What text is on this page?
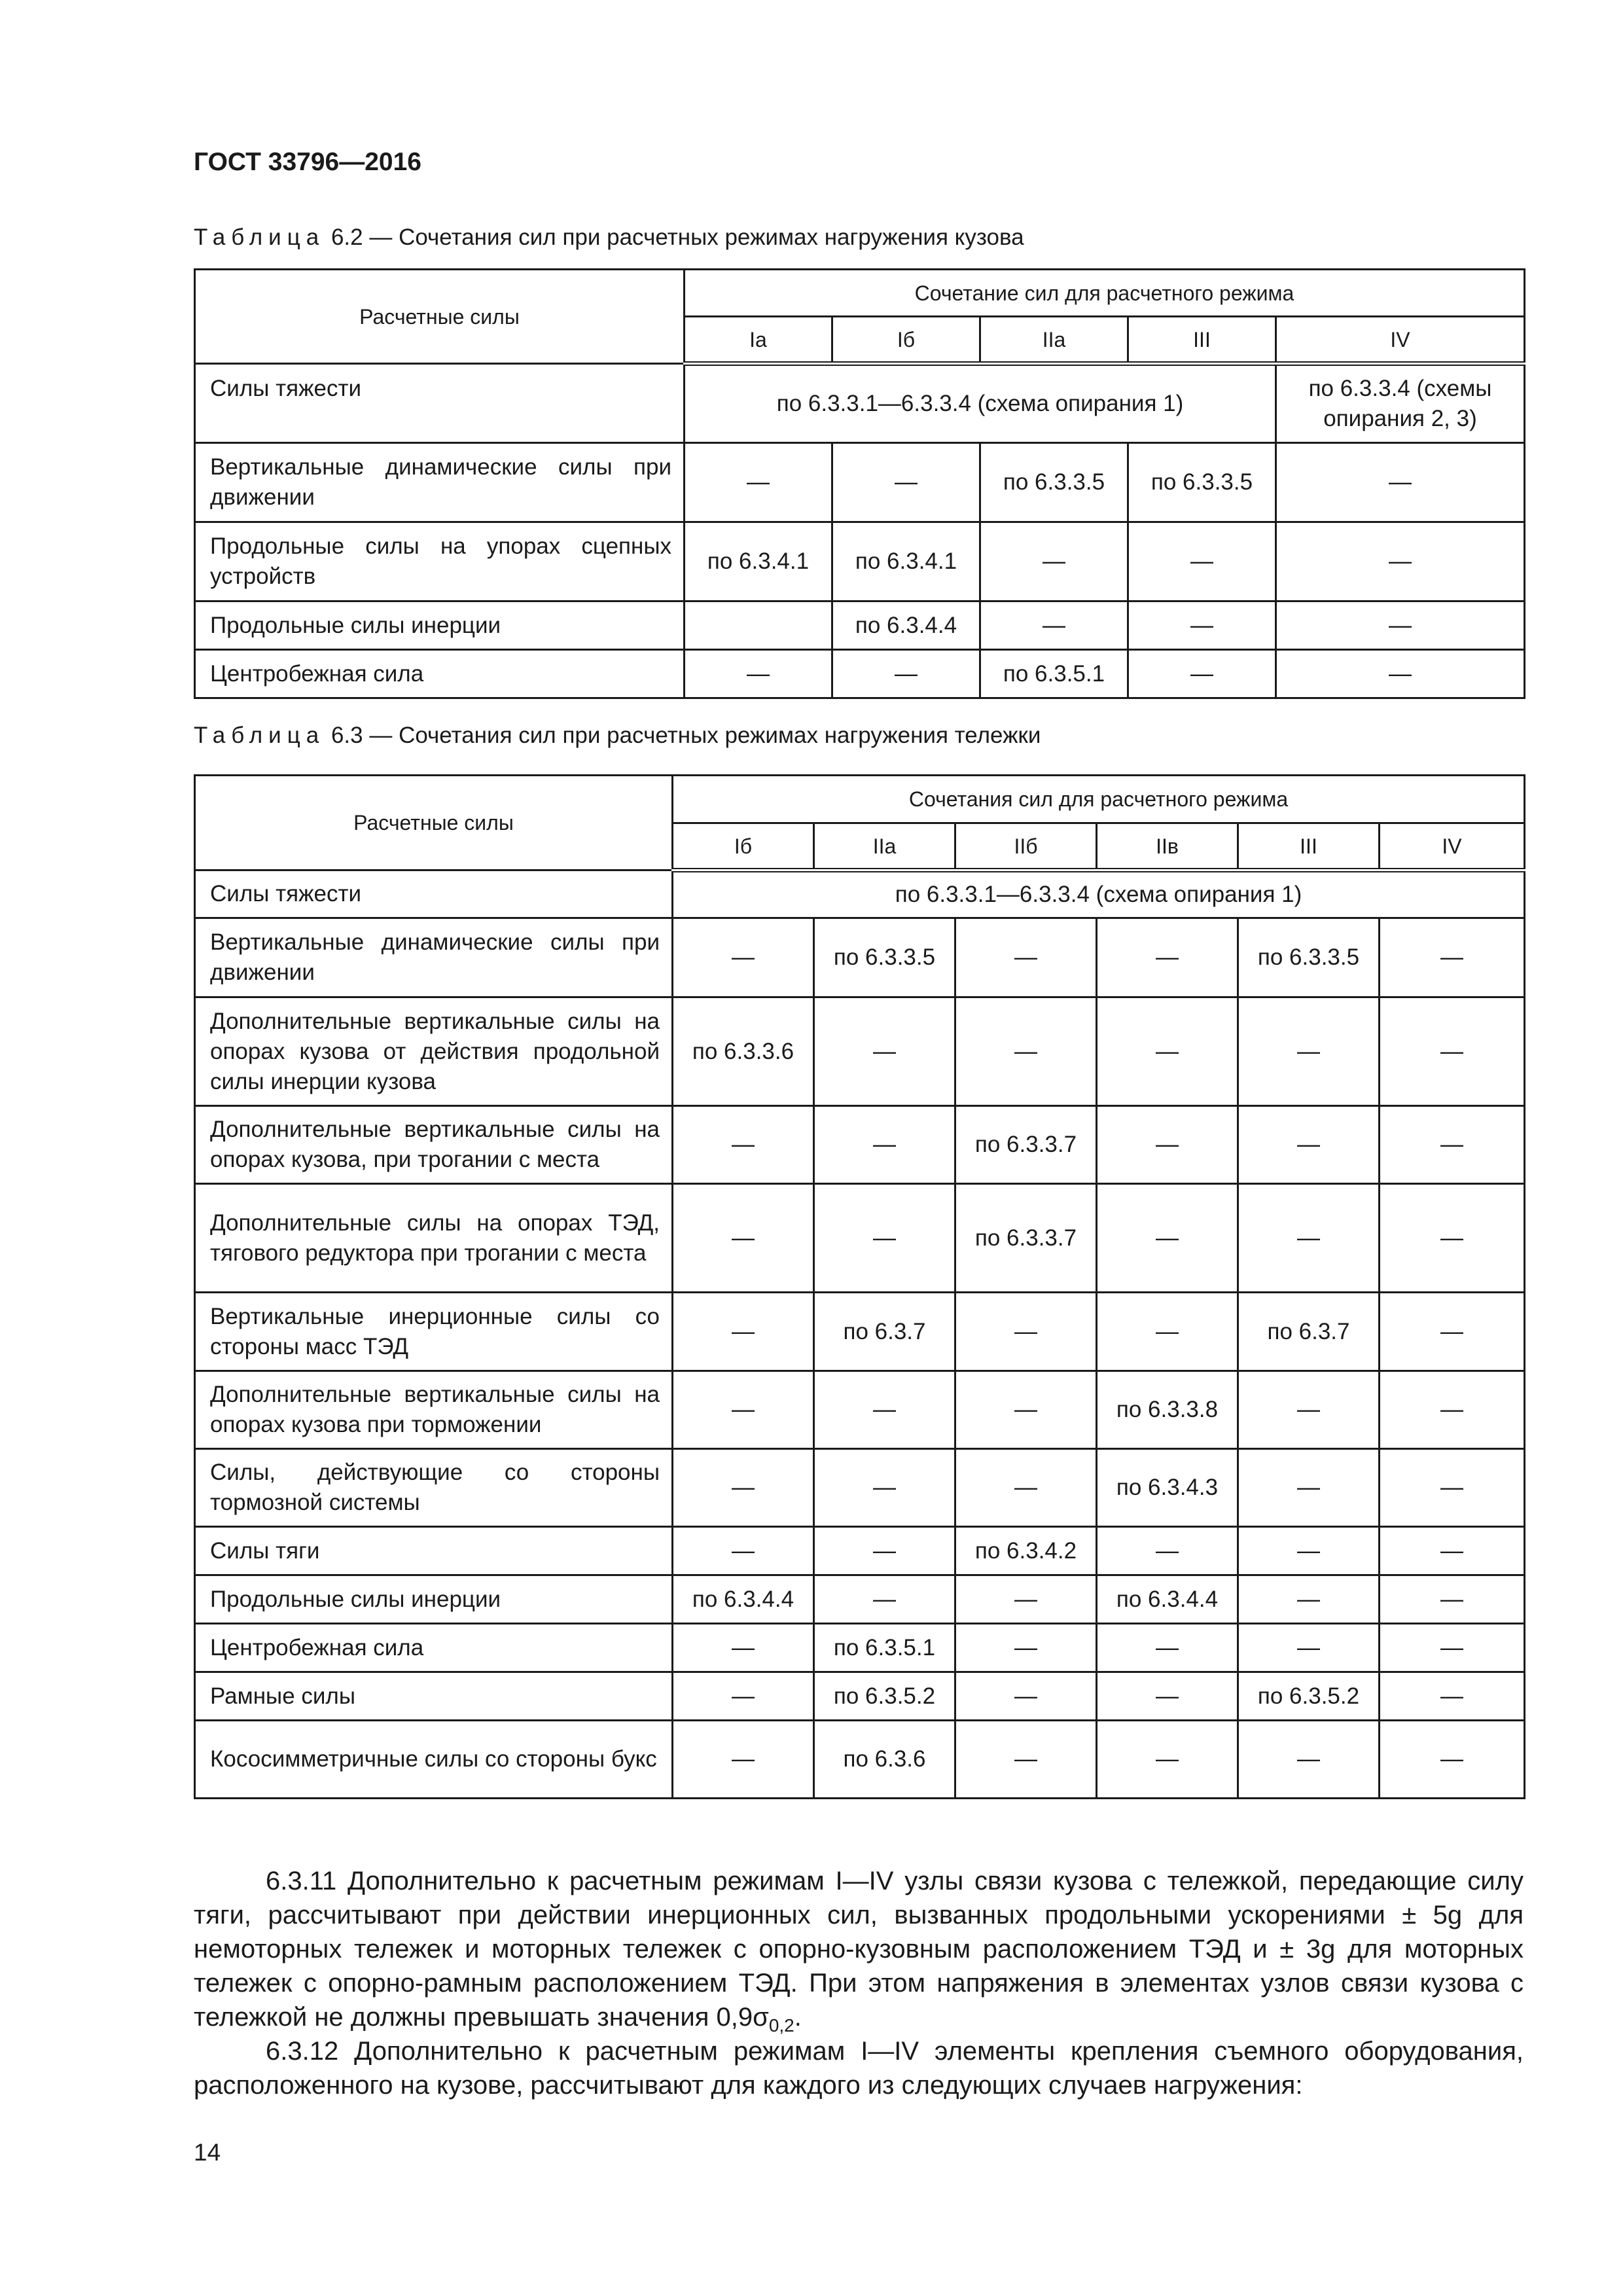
ГОСТ 33796—2016
Таблица 6.2 — Сочетания сил при расчетных режимах нагружения кузова
Расчетные силы	Сочетание сил для расчетного режима				
	Ia	Iб	IIa	III	IV
Силы тяжести	по 6.3.3.1—6.3.3.4 (схема опирания 1)				по 6.3.3.4 (схемы опирания 2, 3)
Вертикальные динамические силы при движении	—	—	по 6.3.3.5	по 6.3.3.5	—
Продольные силы на упорах сцепных устройств	по 6.3.4.1	по 6.3.4.1	—	—	—
Продольные силы инерции		по 6.3.4.4	—	—	—
Центробежная сила	—	—	по 6.3.5.1	—	—
Таблица 6.3 — Сочетания сил при расчетных режимах нагружения тележки
Расчетные силы	Сочетания сил для расчетного режима					
	Iб	IIa	IIб	IIв	III	IV
Силы тяжести	по 6.3.3.1—6.3.3.4 (схема опирания 1)					
Вертикальные динамические силы при движении	—	по 6.3.3.5	—	—	по 6.3.3.5	—
Дополнительные вертикальные силы на опорах кузова от действия продольной силы инерции кузова	по 6.3.3.6	—	—	—	—	—
Дополнительные вертикальные силы на опорах кузова, при трогании с места	—	—	по 6.3.3.7	—	—	—
Дополнительные силы на опорах ТЭД, тягового редуктора при трогании с места	—	—	по 6.3.3.7	—	—	—
Вертикальные инерционные силы со стороны масс ТЭД	—	по 6.3.7	—	—	по 6.3.7	—
Дополнительные вертикальные силы на опорах кузова при торможении	—	—	—	по 6.3.3.8	—	—
Силы, действующие со стороны тормозной системы	—	—	—	по 6.3.4.3	—	—
Силы тяги	—	—	по 6.3.4.2	—	—	—
Продольные силы инерции	по 6.3.4.4	—	—	по 6.3.4.4	—	—
Центробежная сила	—	по 6.3.5.1	—	—	—	—
Рамные силы	—	по 6.3.5.2	—	—	по 6.3.5.2	—
Кососимметричные силы со стороны букс	—	по 6.3.6	—	—	—	—

6.3.11 Дополнительно к расчетным режимам I—IV узлы связи кузова с тележкой, передающие силу тяги, рассчитывают при действии инерционных сил, вызванных продольными ускорениями ± 5g для немоторных тележек и моторных тележек с опорно-кузовным расположением ТЭД и ± 3g для моторных тележек с опорно-рамным расположением ТЭД. При этом напряжения в элементах узлов связи кузова с тележкой не должны превышать значения $0,9\sigma_{0,2}$.

6.3.12 Дополнительно к расчетным режимам I—IV элементы крепления съемного оборудования, расположенного на кузове, рассчитывают для каждого из следующих случаев нагружения:

14
